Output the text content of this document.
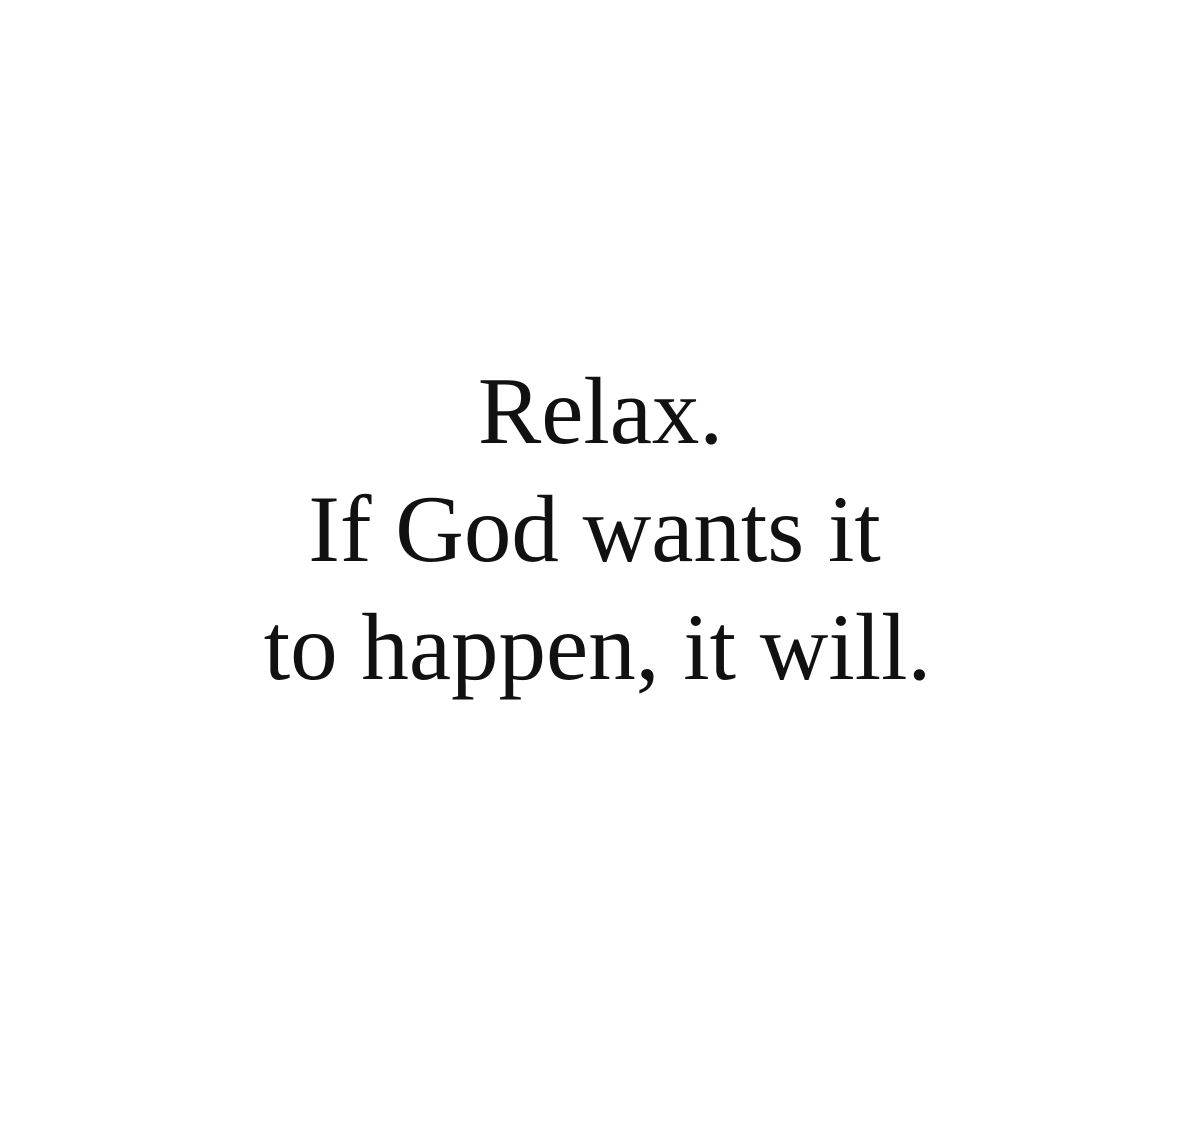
Relax.
If God wants it
to happen, it will.
